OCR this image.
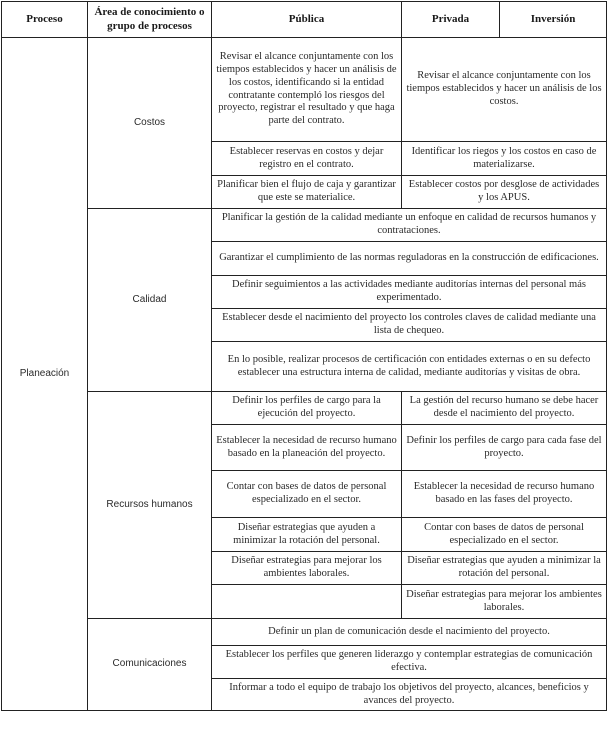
Proceso	Área de conocimiento o grupo de procesos	Pública	Privada	Inversión
Planeación	Costos	Revisar el alcance conjuntamente con los tiempos establecidos y hacer un análisis de los costos, identificando si la entidad contratante contempló los riesgos del proyecto, registrar el resultado y que haga parte del contrato.	Revisar el alcance conjuntamente con los tiempos establecidos y hacer un análisis de los costos.	
		Establecer reservas en costos y dejar registro en el contrato.	Identificar los riegos y los costos en caso de materializarse.	
		Planificar bien el flujo de caja y garantizar que este se materialice.	Establecer costos por desglose de actividades y los APUS.	
	Calidad	Planificar la gestión de la calidad mediante un enfoque en calidad de recursos humanos y contrataciones.		
		Garantizar el cumplimiento de las normas reguladoras en la construcción de edificaciones.		
		Definir seguimientos a las actividades mediante auditorías internas del personal más experimentado.		
		Establecer desde el nacimiento del proyecto los controles claves de calidad mediante una lista de chequeo.		
		En lo posible, realizar procesos de certificación con entidades externas o en su defecto establecer una estructura interna de calidad, mediante auditorías y visitas de obra.		
	Recursos humanos	Definir los perfiles de cargo para la ejecución del proyecto.	La gestión del recurso humano se debe hacer desde el nacimiento del proyecto.	
		Establecer la necesidad de recurso humano basado en la planeación del proyecto.	Definir los perfiles de cargo para cada fase del proyecto.	
		Contar con bases de datos de personal especializado en el sector.	Establecer la necesidad de recurso humano basado en las fases del proyecto.	
		Diseñar estrategias que ayuden a minimizar la rotación del personal.	Contar con bases de datos de personal especializado en el sector.	
		Diseñar estrategias para mejorar los ambientes laborales.	Diseñar estrategias que ayuden a minimizar la rotación del personal.	
			Diseñar estrategias para mejorar los ambientes laborales.	
	Comunicaciones	Definir un plan de comunicación desde el nacimiento del proyecto.		
		Establecer los perfiles que generen liderazgo y contemplar estrategias de comunicación efectiva.		
		Informar a todo el equipo de trabajo los objetivos del proyecto, alcances, beneficios y avances del proyecto.		
